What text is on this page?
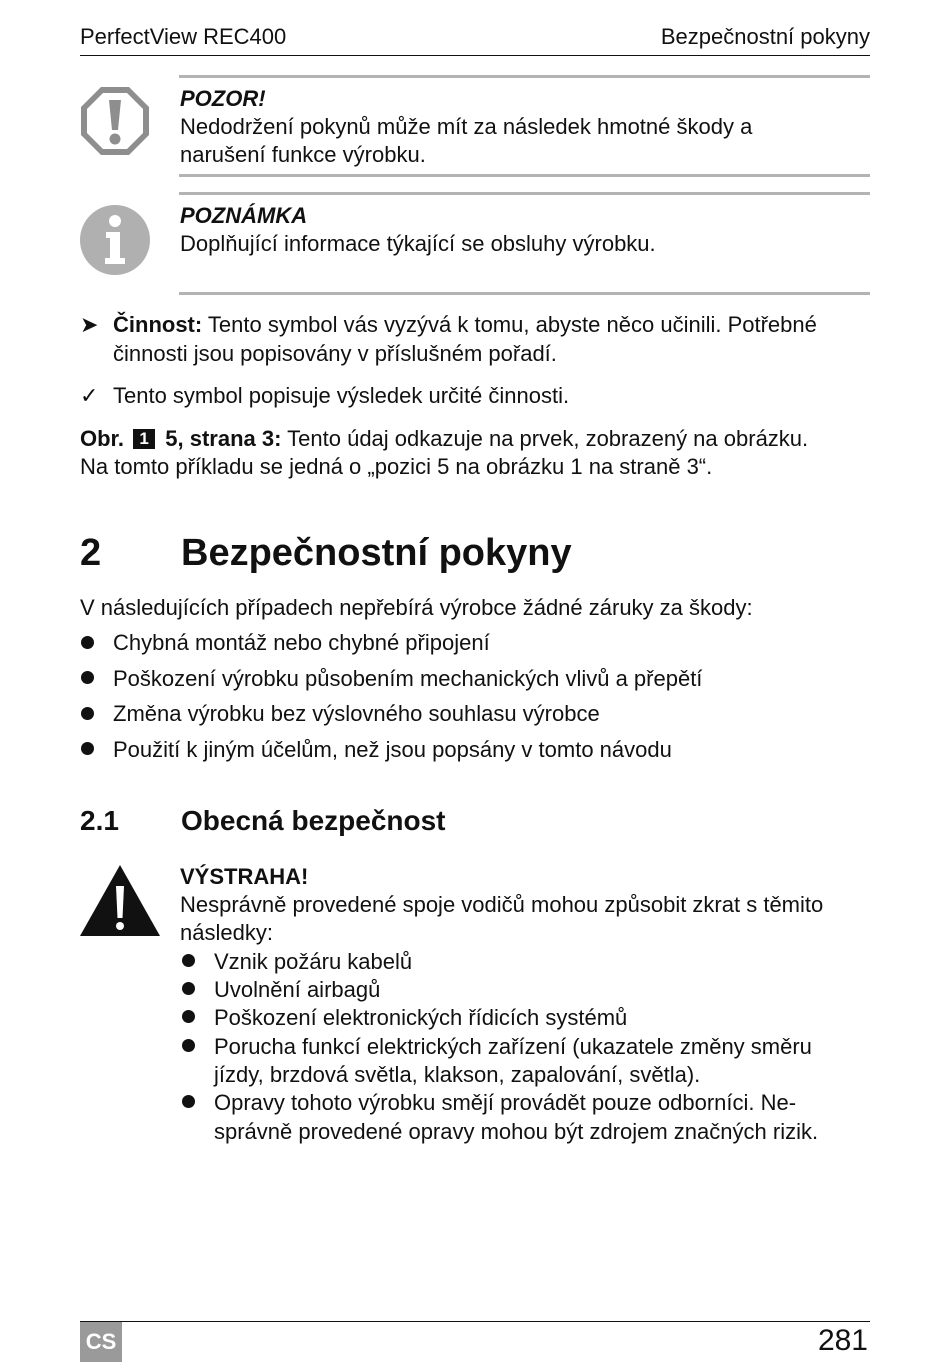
PerfectView REC400	Bezpečnostní pokyny
POZOR!
Nedodržení pokynů může mít za následek hmotné škody a
narušení funkce výrobku.
POZNÁMKA
Doplňující informace týkající se obsluhy výrobku.
➤ Činnost: Tento symbol vás vyzývá k tomu, abyste něco učinili. Potřebné
činnosti jsou popisovány v příslušném pořadí.
✓ Tento symbol popisuje výsledek určité činnosti.
Obr. 1 5, strana 3: Tento údaj odkazuje na prvek, zobrazený na obrázku.
Na tomto příkladu se jedná o „pozici 5 na obrázku 1 na straně 3“.
2 Bezpečnostní pokyny
V následujících případech nepřebírá výrobce žádné záruky za škody:
Chybná montáž nebo chybné připojení
Poškození výrobku působením mechanických vlivů a přepětí
Změna výrobku bez výslovného souhlasu výrobce
Použití k jiným účelům, než jsou popsány v tomto návodu
2.1 Obecná bezpečnost
VÝSTRAHA!
Nesprávně provedené spoje vodičů mohou způsobit zkrat s těmito
následky:
Vznik požáru kabelů
Uvolnění airbagů
Poškození elektronických řídicích systémů
Porucha funkcí elektrických zařízení (ukazatele změny směru
jízdy, brzdová světla, klakson, zapalování, světla).
Opravy tohoto výrobku smějí provádět pouze odborníci. Ne-
správně provedené opravy mohou být zdrojem značných rizik.
CS	281
